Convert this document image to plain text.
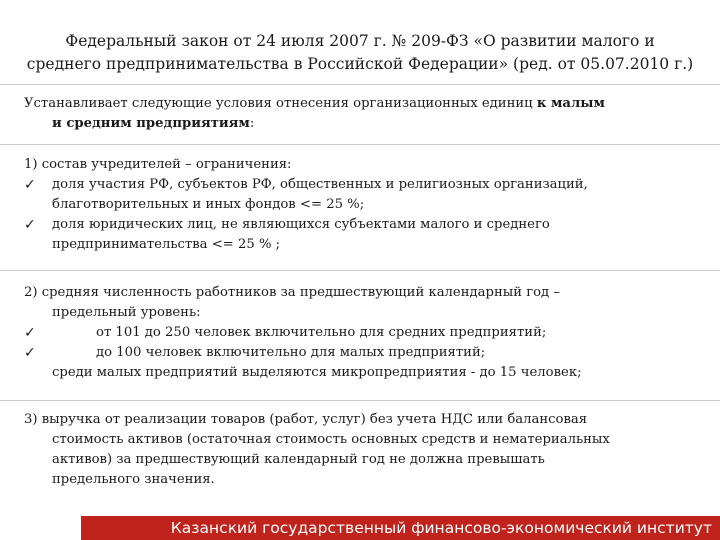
Федеральный закон от 24 июля 2007 г. № 209-ФЗ «О развитии малого и
среднего предпринимательства в Российской Федерации» (ред. от 05.07.2010 г.)
Устанавливает следующие условия отнесения организационных единиц к малым
и средним предприятиям:
1) состав учредителей – ограничения:
✓	доля участия РФ, субъектов РФ, общественных и религиозных организаций,
благотворительных и иных фондов <= 25 %;
✓	доля юридических лиц, не являющихся субъектами малого и среднего
предпринимательства <= 25 % ;
2) средняя численность работников за предшествующий календарный год –
предельный уровень:
✓	от 101 до 250 человек включительно для средних предприятий;
✓	до 100 человек включительно для малых предприятий;
среди малых предприятий выделяются микропредприятия - до 15 человек;
3) выручка от реализации товаров (работ, услуг) без учета НДС или балансовая
стоимость активов (остаточная стоимость основных средств и нематериальных
активов) за предшествующий календарный год не должна превышать
предельного значения.
Казанский государственный финансово-экономический институт
